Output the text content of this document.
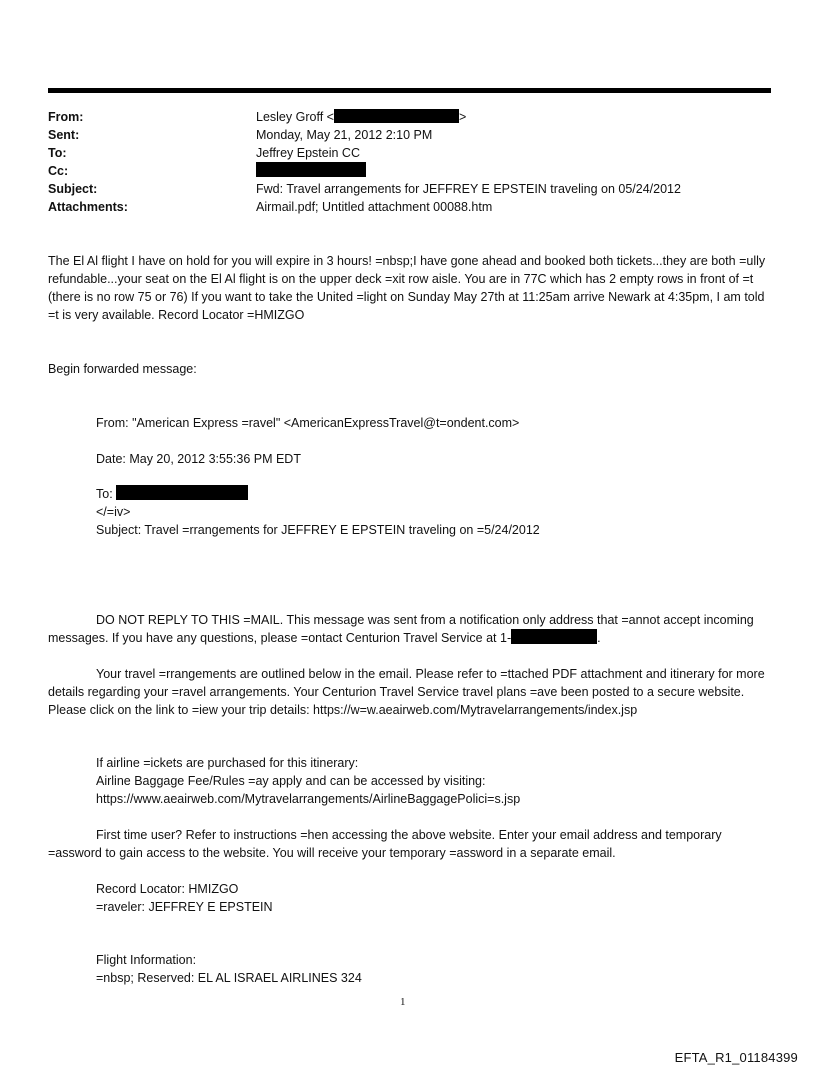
From:	Lesley Groff <	>
Sent:	Monday, May 21, 2012 2:10 PM
To:	Jeffrey Epstein CC
Cc:
Subject:	Fwd: Travel arrangements for JEFFREY E EPSTEIN traveling on 05/24/2012
Attachments:	Airmail.pdf; Untitled attachment 00088.htm
The El Al flight I have on hold for you will expire in 3 hours! =nbsp;I have gone ahead and booked both tickets...they are both =ully refundable...your seat on the El Al flight is on the upper deck =xit row aisle. You are in 77C which has 2 empty rows in front of =t (there is no row 75 or 76) If you want to take the United =light on Sunday May 27th at 11:25am arrive Newark at 4:35pm, I am told =t is very available. Record Locator =HMIZGO
Begin forwarded message:
From: "American Express =ravel" <AmericanExpressTravel@t=ondent.com>
Date: May 20, 2012 3:55:36 PM EDT
To:
</=iv>
Subject: Travel =rrangements for JEFFREY E EPSTEIN traveling on =5/24/2012
DO NOT REPLY TO THIS =MAIL. This message was sent from a notification only address that =annot accept incoming messages. If you have any questions, please =ontact Centurion Travel Service at 1-	.
Your travel =rrangements are outlined below in the email. Please refer to =ttached PDF attachment and itinerary for more details regarding your =ravel arrangements. Your Centurion Travel Service travel plans =ave been posted to a secure website. Please click on the link to =iew your trip details: https://w=w.aeairweb.com/Mytravelarrangements/index.jsp
If airline =ickets are purchased for this itinerary:
Airline Baggage Fee/Rules =ay apply and can be accessed by visiting:
https://www.aeairweb.com/Mytravelarrangements/AirlineBaggagePolici=s.jsp
First time user? Refer to instructions =hen accessing the above website. Enter your email address and temporary =assword to gain access to the website. You will receive your temporary =assword in a separate email.
Record Locator: HMIZGO
=raveler: JEFFREY E EPSTEIN
Flight Information:
=nbsp; Reserved: EL AL ISRAEL AIRLINES 324
1
EFTA_R1_01184399
